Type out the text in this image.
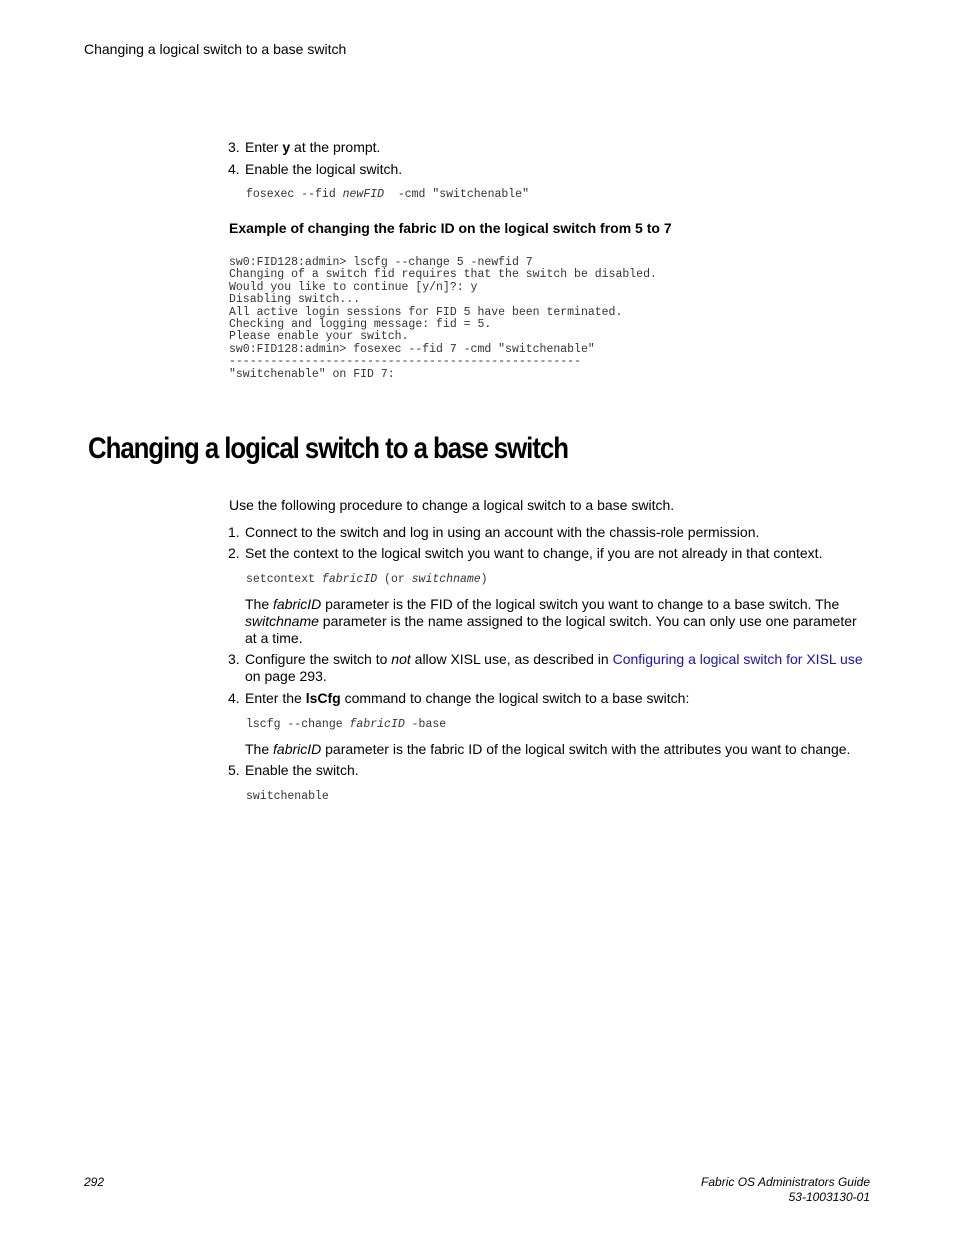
Changing a logical switch to a base switch
3. Enter y at the prompt.
4. Enable the logical switch.
fosexec --fid newFID  -cmd "switchenable"
Example of changing the fabric ID on the logical switch from 5 to 7
sw0:FID128:admin> lscfg --change 5 -newfid 7
Changing of a switch fid requires that the switch be disabled.
Would you like to continue [y/n]?: y
Disabling switch...
All active login sessions for FID 5 have been terminated.
Checking and logging message: fid = 5.
Please enable your switch.
sw0:FID128:admin> fosexec --fid 7 -cmd "switchenable"
---------------------------------------------------
"switchenable" on FID 7:
Changing a logical switch to a base switch
Use the following procedure to change a logical switch to a base switch.
1. Connect to the switch and log in using an account with the chassis-role permission.
2. Set the context to the logical switch you want to change, if you are not already in that context.
setcontext fabricID (or switchname)
The fabricID parameter is the FID of the logical switch you want to change to a base switch. The switchname parameter is the name assigned to the logical switch. You can only use one parameter at a time.
3. Configure the switch to not allow XISL use, as described in Configuring a logical switch for XISL use on page 293.
4. Enter the lsCfg command to change the logical switch to a base switch:
lscfg --change fabricID -base
The fabricID parameter is the fabric ID of the logical switch with the attributes you want to change.
5. Enable the switch.
switchenable
292	Fabric OS Administrators Guide
53-1003130-01
